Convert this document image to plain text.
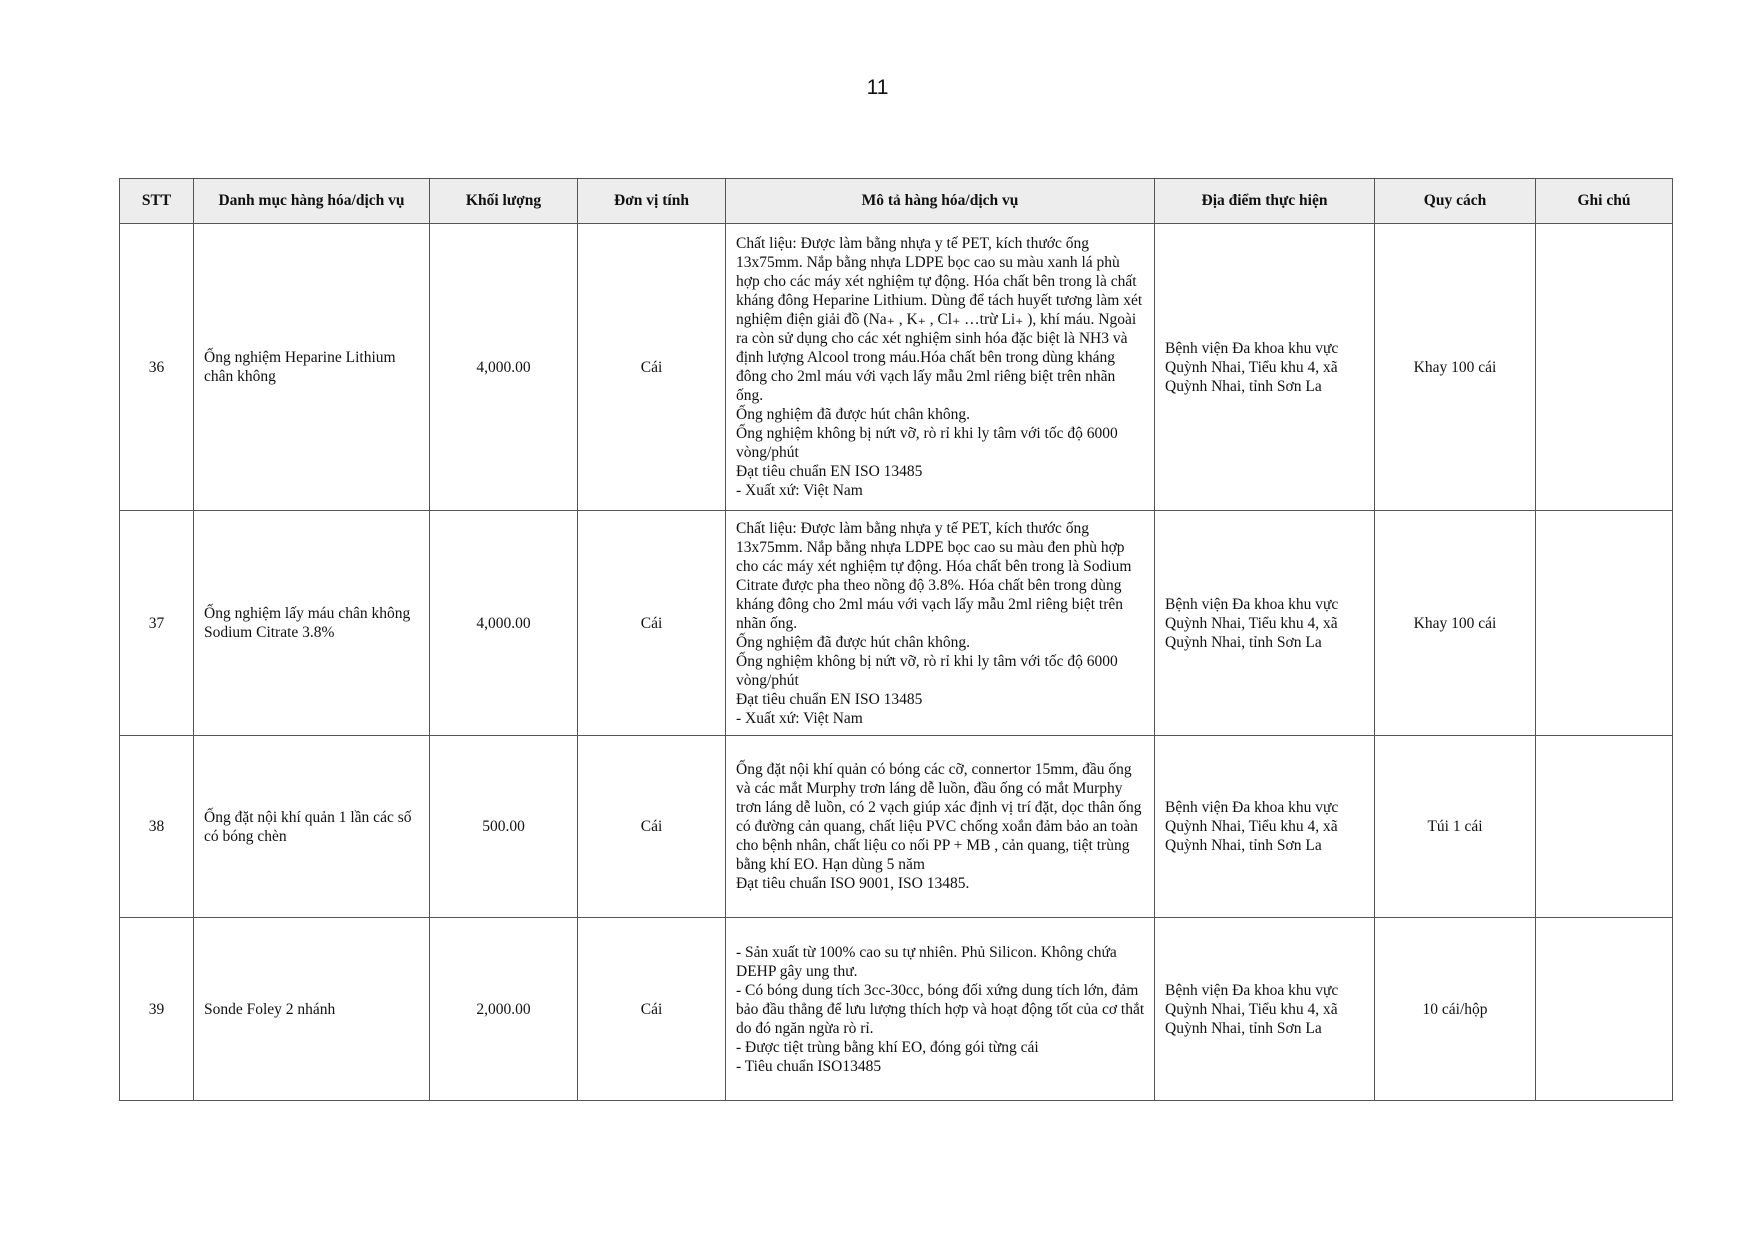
11
STT	Danh mục hàng hóa/dịch vụ	Khối lượng	Đơn vị tính	Mô tả hàng hóa/dịch vụ	Địa điểm thực hiện	Quy cách	Ghi chú
36	Ống nghiệm Heparine Lithium chân không	4,000.00	Cái	Chất liệu: Được làm bằng nhựa y tế PET, kích thước ống 13x75mm. Nắp bằng nhựa LDPE bọc cao su màu xanh lá phù hợp cho các máy xét nghiệm tự động. Hóa chất bên trong là chất kháng đông Heparine Lithium. Dùng để tách huyết tương làm xét nghiệm điện giải đồ (Na₊ , K₊ , Cl₊ …trừ Li₊ ), khí máu. Ngoài ra còn sử dụng cho các xét nghiệm sinh hóa đặc biệt là NH3 và định lượng Alcool trong máu.Hóa chất bên trong dùng kháng đông cho 2ml máu với vạch lấy mẫu 2ml riêng biệt trên nhãn ống.
Ống nghiệm đã được hút chân không.
Ống nghiệm không bị nứt vỡ, rò rỉ khi ly tâm với tốc độ 6000 vòng/phút
Đạt tiêu chuẩn EN ISO 13485
- Xuất xứ: Việt Nam	Bệnh viện Đa khoa khu vực Quỳnh Nhai, Tiểu khu 4, xã Quỳnh Nhai, tỉnh Sơn La	Khay 100 cái	
37	Ống nghiệm lấy máu chân không Sodium Citrate 3.8%	4,000.00	Cái	Chất liệu: Được làm bằng nhựa y tế PET, kích thước ống 13x75mm. Nắp bằng nhựa LDPE bọc cao su màu đen phù hợp cho các máy xét nghiệm tự động. Hóa chất bên trong là Sodium Citrate được pha theo nồng độ 3.8%. Hóa chất bên trong dùng kháng đông cho 2ml máu với vạch lấy mẫu 2ml riêng biệt trên nhãn ống.
Ống nghiệm đã được hút chân không.
Ống nghiệm không bị nứt vỡ, rò rỉ khi ly tâm với tốc độ 6000 vòng/phút
Đạt tiêu chuẩn EN ISO 13485
- Xuất xứ: Việt Nam	Bệnh viện Đa khoa khu vực Quỳnh Nhai, Tiểu khu 4, xã Quỳnh Nhai, tỉnh Sơn La	Khay 100 cái	
38	Ống đặt nội khí quản 1 lần các số có bóng chèn	500.00	Cái	Ống đặt nội khí quản có bóng các cỡ, connertor 15mm, đầu ống và các mắt Murphy trơn láng dễ luồn, đầu ống có mắt Murphy trơn láng dễ luồn, có 2 vạch giúp xác định vị trí đặt, dọc thân ống có đường cản quang, chất liệu PVC chống xoắn đảm bảo an toàn cho bệnh nhân, chất liệu co nối PP + MB , cản quang, tiệt trùng bằng khí EO. Hạn dùng 5 năm
Đạt tiêu chuẩn ISO 9001, ISO 13485.	Bệnh viện Đa khoa khu vực Quỳnh Nhai, Tiểu khu 4, xã Quỳnh Nhai, tỉnh Sơn La	Túi 1 cái	
39	Sonde Foley 2 nhánh	2,000.00	Cái	- Sản xuất từ 100% cao su tự nhiên. Phủ Silicon. Không chứa DEHP gây ung thư.
- Có bóng dung tích 3cc-30cc, bóng đối xứng dung tích lớn, đảm bảo đầu thẳng để lưu lượng thích hợp và hoạt động tốt của cơ thắt do đó ngăn ngừa rò rỉ.
- Được tiệt trùng bằng khí EO, đóng gói từng cái
- Tiêu chuẩn ISO13485	Bệnh viện Đa khoa khu vực Quỳnh Nhai, Tiểu khu 4, xã Quỳnh Nhai, tỉnh Sơn La	10 cái/hộp	
